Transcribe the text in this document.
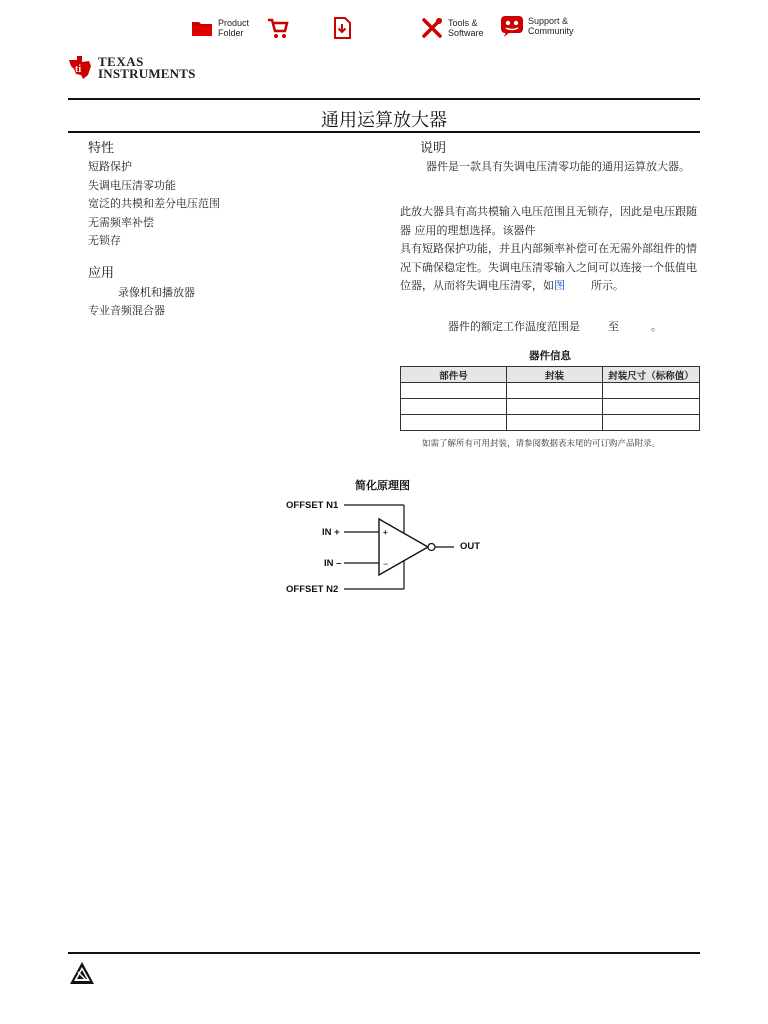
Product
Folder
Tools &
Software
Support &
Community
ti
TEXAS
INSTRUMENTS
通用运算放大器
特性
短路保护
失调电压清零功能
宽泛的共模和差分电压范围
无需频率补偿
无锁存
应用
录像机和播放器
专业音频混合器
说明
器件是一款具有失调电压清零功能的通用运算放大器。
此放大器具有高共模输入电压范围且无锁存，因此是电压跟随器 应用的理想选择。该器件
具有短路保护功能，并且内部频率补偿可在无需外部组件的情况下确保稳定性。失调电压清零输入之间可以连接一个低值电位器，从而将失调电压清零，如图 所示。
器件的额定工作温度范围是	至	。
器件信息
部件号	封装	封装尺寸（标称值）

如需了解所有可用封装，请参阅数据表末尾的可订购产品附录。
简化原理图
+
−
OFFSET N1
IN +
IN –
OFFSET N2
OUT
